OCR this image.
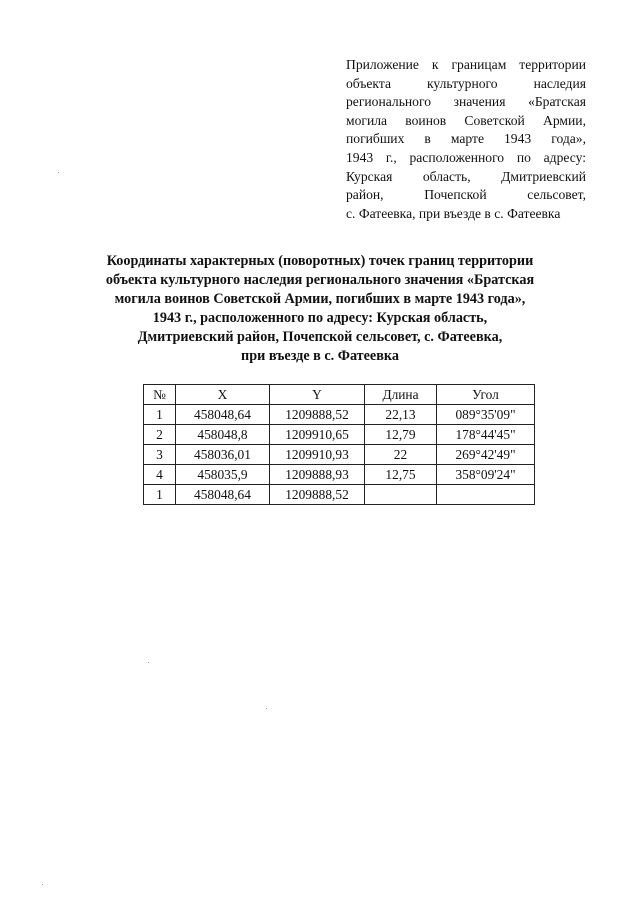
Приложение к границам территории
объекта культурного наследия
регионального значения «Братская
могила воинов Советской Армии,
погибших в марте 1943 года»,
1943 г., расположенного по адресу:
Курская область, Дмитриевский
район, Почепской сельсовет,
с. Фатеевка, при въезде в с. Фатеевка
Координаты характерных (поворотных) точек границ территории
объекта культурного наследия регионального значения «Братская
могила воинов Советской Армии, погибших в марте 1943 года»,
1943 г., расположенного по адресу: Курская область,
Дмитриевский район, Почепской сельсовет, с. Фатеевка,
при въезде в с. Фатеевка
№	X	Y	Длина	Угол
1	458048,64	1209888,52	22,13	089°35'09"
2	458048,8	1209910,65	12,79	178°44'45"
3	458036,01	1209910,93	22	269°42'49"
4	458035,9	1209888,93	12,75	358°09'24"
1	458048,64	1209888,52		
